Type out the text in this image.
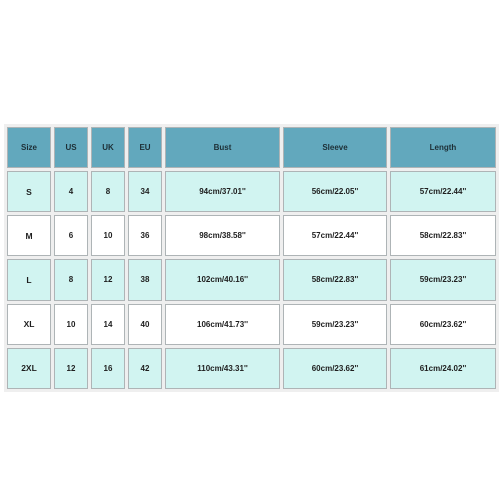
Size	US	UK	EU	Bust	Sleeve	Length
S	4	8	34	94cm/37.01''	56cm/22.05''	57cm/22.44''
M	6	10	36	98cm/38.58''	57cm/22.44''	58cm/22.83''
L	8	12	38	102cm/40.16''	58cm/22.83''	59cm/23.23''
XL	10	14	40	106cm/41.73''	59cm/23.23''	60cm/23.62''
2XL	12	16	42	110cm/43.31''	60cm/23.62''	61cm/24.02''
